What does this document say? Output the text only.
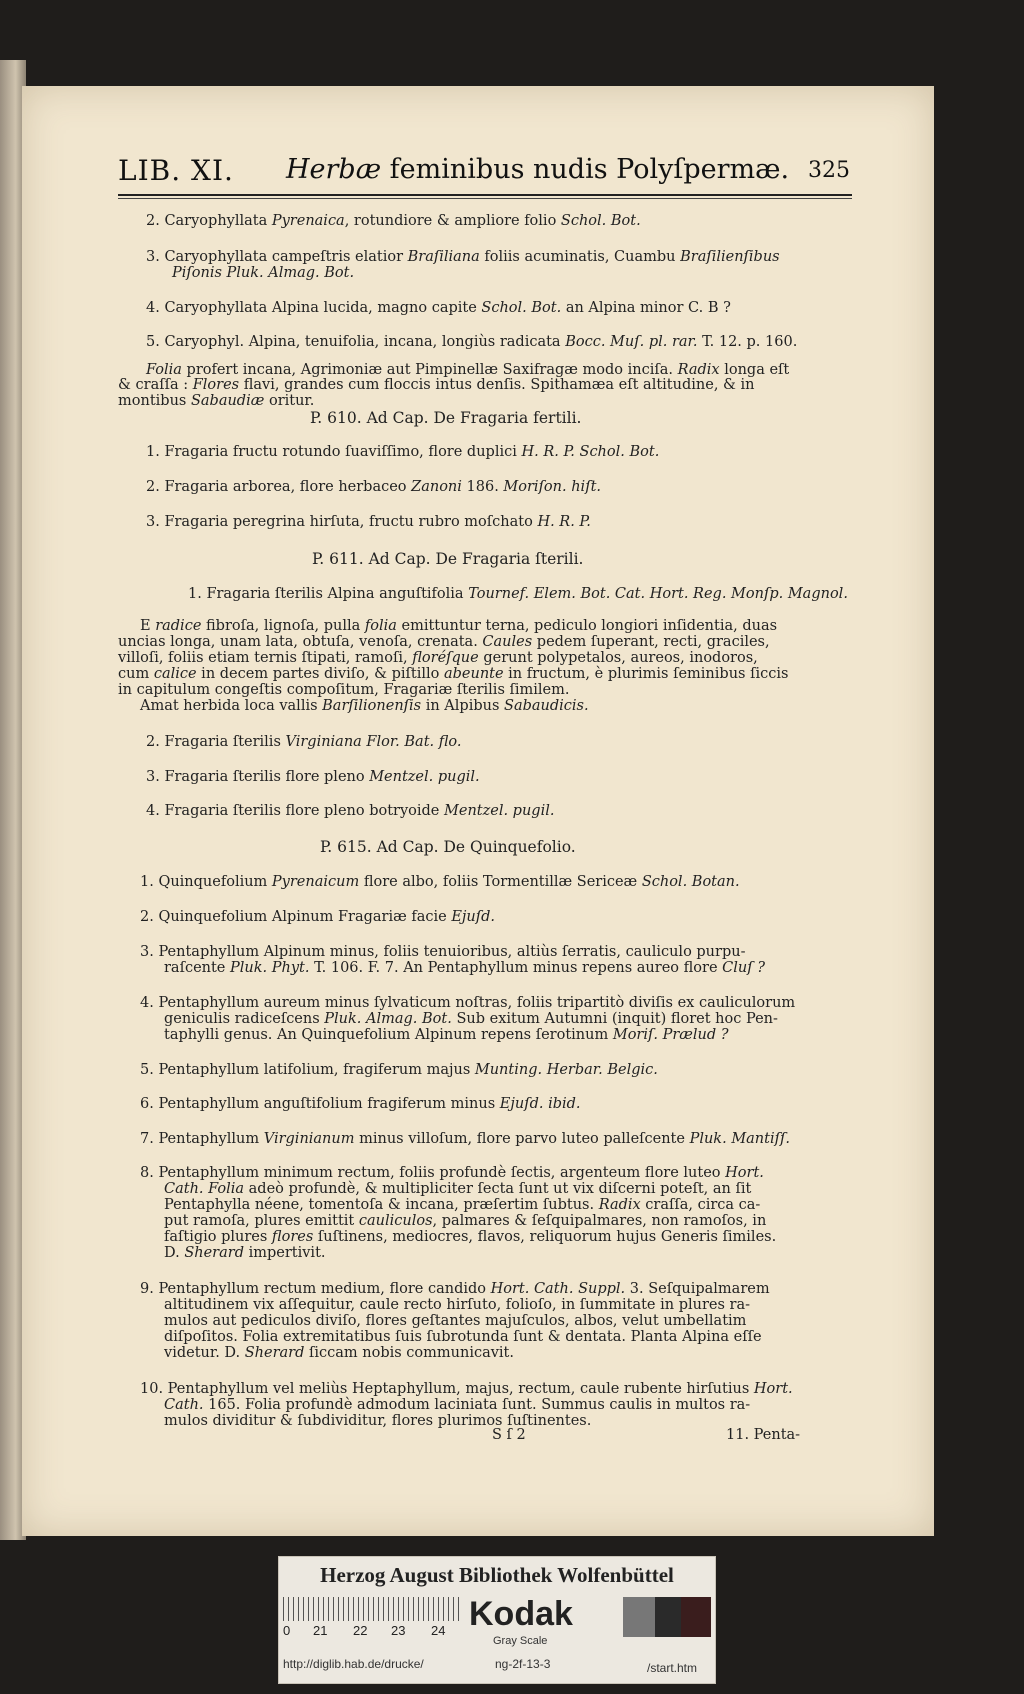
LIB. XI. Herbæ feminibus nudis Polyſpermæ. 325
2. Caryophyllata Pyrenaica, rotundiore & ampliore folio Schol. Bot.
3. Caryophyllata campeſtris elatior Braſiliana foliis acuminatis, Cuambu Braſilienſibus
Piſonis Pluk. Almag. Bot.
4. Caryophyllata Alpina lucida, magno capite Schol. Bot. an Alpina minor C. B ?
5. Caryophyl. Alpina, tenuifolia, incana, longiùs radicata Bocc. Muſ. pl. rar. T. 12. p. 160.
Folia profert incana, Agrimoniæ aut Pimpinellæ Saxifragæ modo inciſa. Radix longa eſt
& craſſa : Flores flavi, grandes cum floccis intus denſis. Spithamæa eſt altitudine, & in
montibus Sabaudiæ oritur.
P. 610. Ad Cap. De Fragaria fertili.
1. Fragaria fructu rotundo ſuaviſſimo, flore duplici H. R. P. Schol. Bot.
2. Fragaria arborea, flore herbaceo Zanoni 186. Moriſon. hiſt.
3. Fragaria peregrina hirſuta, fructu rubro moſchato H. R. P.
P. 611. Ad Cap. De Fragaria ſterili.
1. Fragaria ſterilis Alpina anguſtifolia Tournef. Elem. Bot. Cat. Hort. Reg. Monſp. Magnol.
E radice fibroſa, lignoſa, pulla folia emittuntur terna, pediculo longiori inſidentia, duas
uncias longa, unam lata, obtuſa, venoſa, crenata. Caules pedem ſuperant, recti, graciles,
villoſi, foliis etiam ternis ſtipati, ramoſi, floréſque gerunt polypetalos, aureos, inodoros,
cum calice in decem partes diviſo, & piſtillo abeunte in fructum, è plurimis ſeminibus ſiccis
in capitulum congeſtis compoſitum, Fragariæ ſterilis ſimilem.
Amat herbida loca vallis Barſilionenſis in Alpibus Sabaudicis.
2. Fragaria ſterilis Virginiana Flor. Bat. flo.
3. Fragaria ſterilis flore pleno Mentzel. pugil.
4. Fragaria ſterilis flore pleno botryoide Mentzel. pugil.
P. 615. Ad Cap. De Quinquefolio.
1. Quinquefolium Pyrenaicum flore albo, foliis Tormentillæ Sericeæ Schol. Botan.
2. Quinquefolium Alpinum Fragariæ facie Ejuſd.
3. Pentaphyllum Alpinum minus, foliis tenuioribus, altiùs ſerratis, cauliculo purpu-
raſcente Pluk. Phyt. T. 106. F. 7. An Pentaphyllum minus repens aureo flore Cluſ ?
4. Pentaphyllum aureum minus ſylvaticum noſtras, foliis tripartitò diviſis ex cauliculorum
geniculis radiceſcens Pluk. Almag. Bot. Sub exitum Autumni (inquit) floret hoc Pen-
taphylli genus. An Quinquefolium Alpinum repens ſerotinum Moriſ. Prælud ?
5. Pentaphyllum latifolium, fragiferum majus Munting. Herbar. Belgic.
6. Pentaphyllum anguſtifolium fragiferum minus Ejuſd. ibid.
7. Pentaphyllum Virginianum minus villoſum, flore parvo luteo palleſcente Pluk. Mantiſſ.
8. Pentaphyllum minimum rectum, foliis profundè ſectis, argenteum flore luteo Hort.
Cath. Folia adeò profundè, & multipliciter ſecta ſunt ut vix diſcerni poteſt, an ſit
Pentaphylla néene, tomentoſa & incana, præſertim ſubtus. Radix craſſa, circa ca-
put ramoſa, plures emittit cauliculos, palmares & ſeſquipalmares, non ramoſos, in
faſtigio plures flores ſuſtinens, mediocres, flavos, reliquorum hujus Generis ſimiles.
D. Sherard impertivit.
9. Pentaphyllum rectum medium, flore candido Hort. Cath. Suppl. 3. Seſquipalmarem
altitudinem vix aſſequitur, caule recto hirſuto, folioſo, in ſummitate in plures ra-
mulos aut pediculos diviſo, flores geſtantes majuſculos, albos, velut umbellatim
diſpoſitos. Folia extremitatibus ſuis ſubrotunda ſunt & dentata. Planta Alpina eſſe
videtur. D. Sherard ſiccam nobis communicavit.
10. Pentaphyllum vel meliùs Heptaphyllum, majus, rectum, caule rubente hirſutius Hort.
Cath. 165. Folia profundè admodum laciniata ſunt. Summus caulis in multos ra-
mulos dividitur & ſubdividitur, flores plurimos ſuſtinentes.
S ſ 2	11. Penta-
Herzog August Bibliothek Wolfenbüttel
0 21 22 23 24 Kodak
Gray Scale
http://diglib.hab.de/drucke/	ng-2f-13-3	/start.htm
